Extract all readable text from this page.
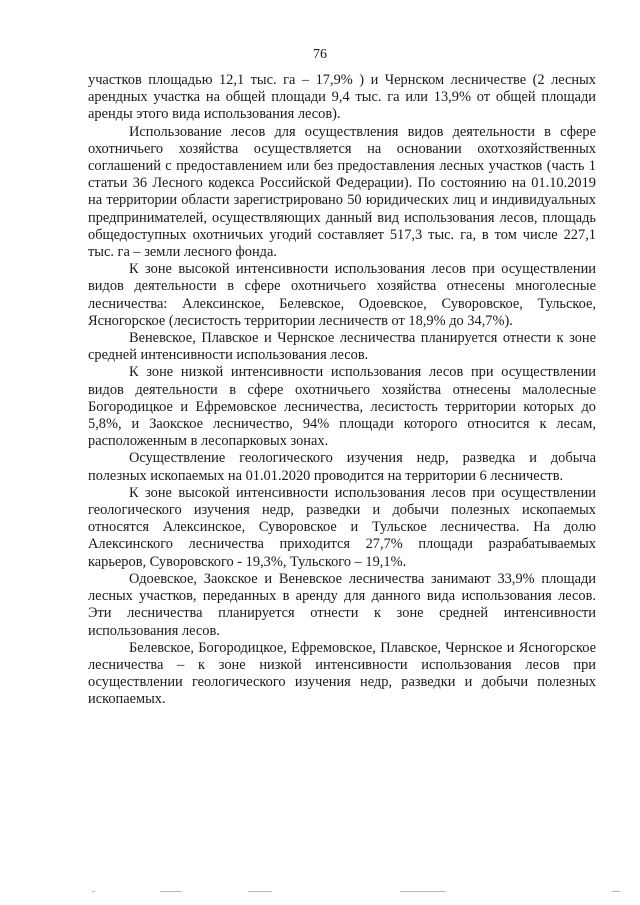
76

участков площадью 12,1 тыс. га – 17,9% ) и Чернском лесничестве (2 лесных арендных участка на общей площади 9,4 тыс. га или 13,9% от общей площади аренды этого вида использования лесов).

Использование лесов для осуществления видов деятельности в сфере охотничьего хозяйства осуществляется на основании охотхозяйственных соглашений с предоставлением или без предоставления лесных участков (часть 1 статьи 36 Лесного кодекса Российской Федерации). По состоянию на 01.10.2019 на территории области зарегистрировано 50 юридических лиц и индивидуальных предпринимателей, осуществляющих данный вид использования лесов, площадь общедоступных охотничьих угодий составляет 517,3 тыс. га, в том числе 227,1 тыс. га – земли лесного фонда.

К зоне высокой интенсивности использования лесов при осуществлении видов деятельности в сфере охотничьего хозяйства отнесены многолесные лесничества: Алексинское, Белевское, Одоевское, Суворовское, Тульское, Ясногорское (лесистость территории лесничеств от 18,9% до 34,7%).

Веневское, Плавское и Чернское лесничества планируется отнести к зоне средней интенсивности использования лесов.

К зоне низкой интенсивности использования лесов при осуществлении видов деятельности в сфере охотничьего хозяйства отнесены малолесные Богородицкое и Ефремовское лесничества, лесистость территории которых до 5,8%, и Заокское лесничество, 94% площади которого относится к лесам, расположенным в лесопарковых зонах.

Осуществление геологического изучения недр, разведка и добыча полезных ископаемых на 01.01.2020 проводится на территории 6 лесничеств.

К зоне высокой интенсивности использования лесов при осуществлении геологического изучения недр, разведки и добычи полезных ископаемых относятся Алексинское, Суворовское и Тульское лесничества. На долю Алексинского лесничества приходится 27,7% площади разрабатываемых карьеров, Суворовского - 19,3%, Тульского – 19,1%.

Одоевское, Заокское и Веневское лесничества занимают 33,9% площади лесных участков, переданных в аренду для данного вида использования лесов. Эти лесничества планируется отнести к зоне средней интенсивности использования лесов.

Белевское, Богородицкое, Ефремовское, Плавское, Чернское и Ясногорское лесничества – к зоне низкой интенсивности использования лесов при осуществлении геологического изучения недр, разведки и добычи полезных ископаемых.
